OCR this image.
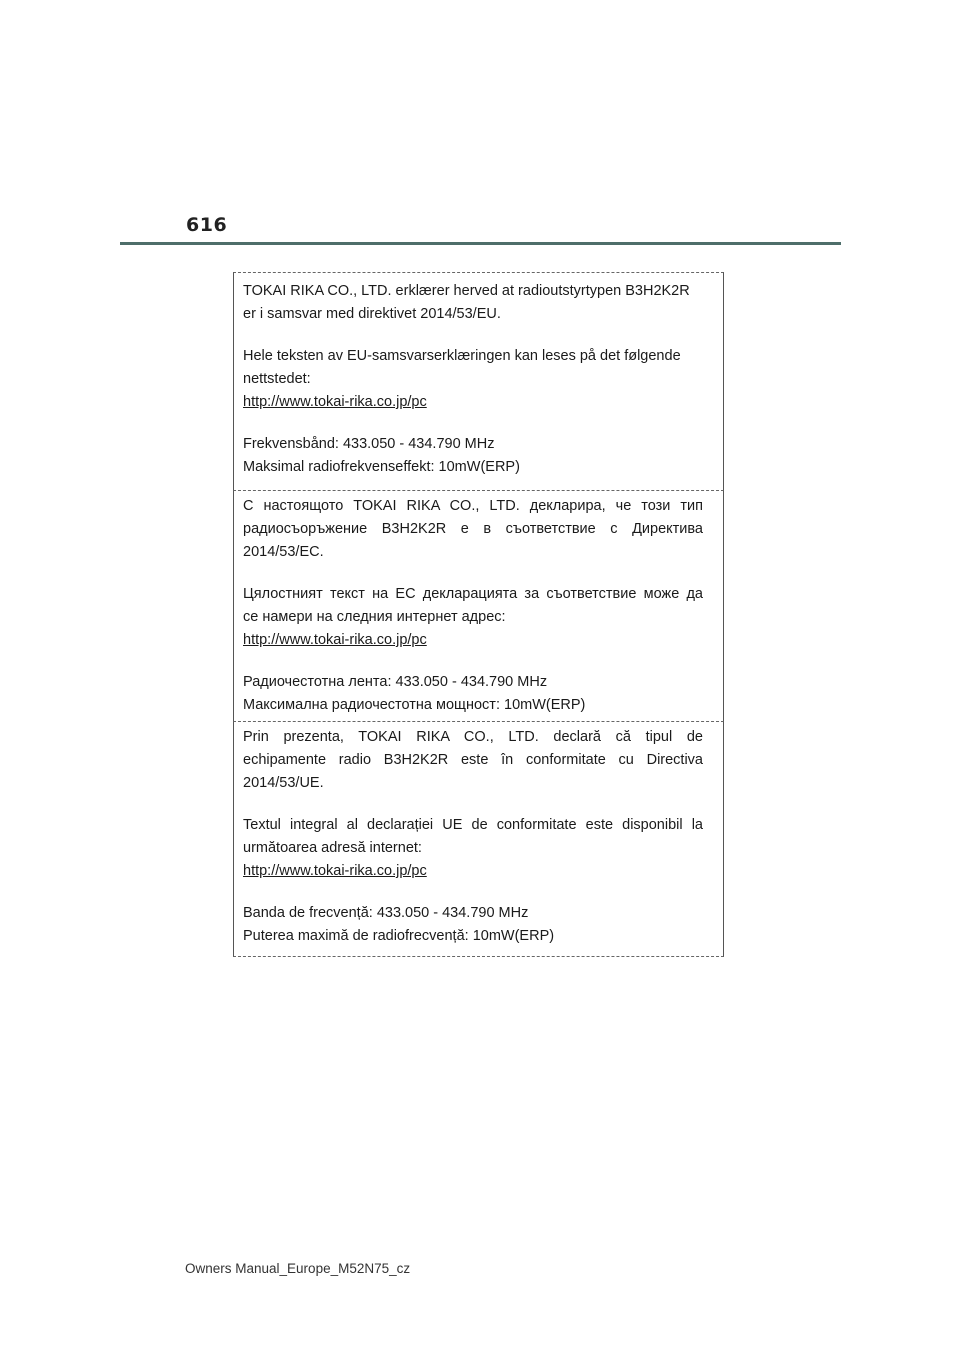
616

TOKAI RIKA CO., LTD. erklærer herved at radioutstyrtypen B3H2K2R
er i samsvar med direktivet 2014/53/EU.

Hele teksten av EU-samsvarserklæringen kan leses på det følgende
nettstedet:
http://www.tokai-rika.co.jp/pc

Frekvensbånd: 433.050 - 434.790 MHz
Maksimal radiofrekvenseffekt: 10mW(ERP)

С настоящото TOKAI RIKA CO., LTD. декларира, че този тип
радиосъоръжение B3H2K2R е в съответствие с Директива
2014/53/ЕС.

Цялостният текст на ЕС декларацията за съответствие може да
се намери на следния интернет адрес:
http://www.tokai-rika.co.jp/pc

Радиочестотна лента: 433.050 - 434.790 MHz
Максимална радиочестотна мощност: 10mW(ERP)

Prin prezenta, TOKAI RIKA CO., LTD. declară că tipul de
echipamente radio B3H2K2R este în conformitate cu Directiva
2014/53/UE.

Textul integral al declarației UE de conformitate este disponibil la
următoarea adresă internet:
http://www.tokai-rika.co.jp/pc

Banda de frecvență: 433.050 - 434.790 MHz
Puterea maximă de radiofrecvență: 10mW(ERP)

Owners Manual_Europe_M52N75_cz
